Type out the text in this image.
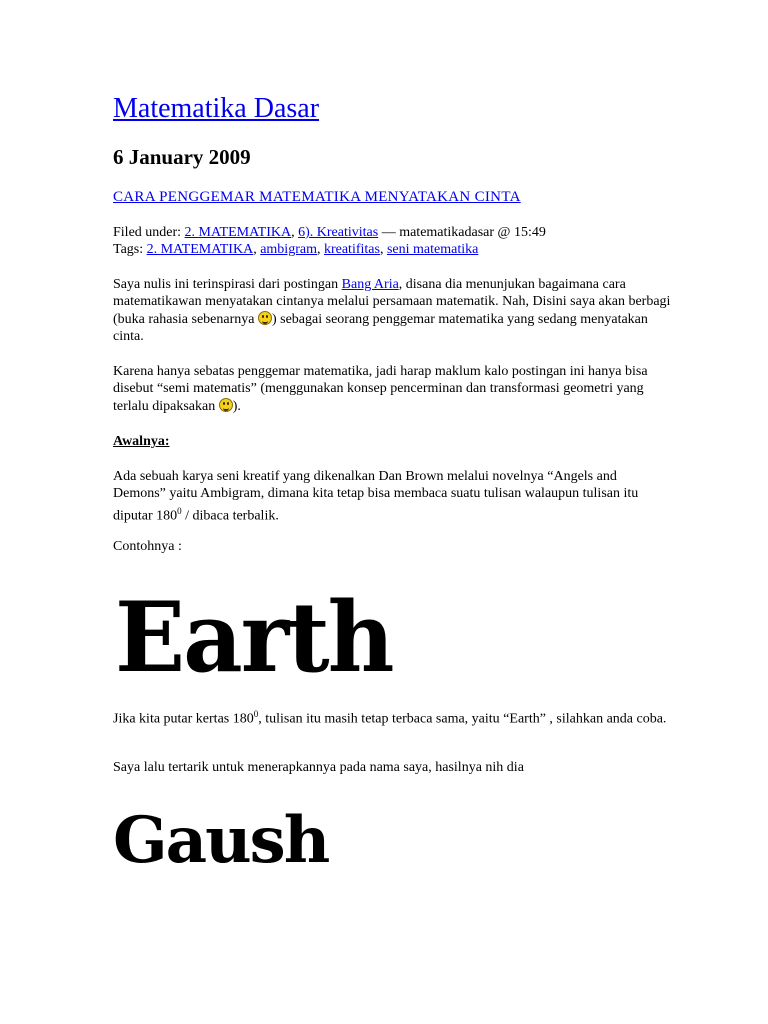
Matematika Dasar
6 January 2009
CARA PENGGEMAR MATEMATIKA MENYATAKAN CINTA
Filed under: 2. MATEMATIKA, 6). Kreativitas — matematikadasar @ 15:49
Tags: 2. MATEMATIKA, ambigram, kreatifitas, seni matematika

Saya nulis ini terinspirasi dari postingan Bang Aria, disana dia menunjukan bagaimana cara matematikawan menyatakan cintanya melalui persamaan matematik. Nah, Disini saya akan berbagi (buka rahasia sebenarnya ) sebagai seorang penggemar matematika yang sedang menyatakan cinta.

Karena hanya sebatas penggemar matematika, jadi harap maklum kalo postingan ini hanya bisa disebut “semi matematis” (menggunakan konsep pencerminan dan transformasi geometri yang terlalu dipaksakan ).

Awalnya:

Ada sebuah karya seni kreatif yang dikenalkan Dan Brown melalui novelnya “Angels and Demons” yaitu Ambigram, dimana kita tetap bisa membaca suatu tulisan walaupun tulisan itu diputar $180^0$ / dibaca terbalik.

Contohnya :

Earth

Jika kita putar kertas $180^0$, tulisan itu masih tetap terbaca sama, yaitu “Earth” , silahkan anda coba.

Saya lalu tertarik untuk menerapkannya pada nama saya, hasilnya nih dia

Gaush
